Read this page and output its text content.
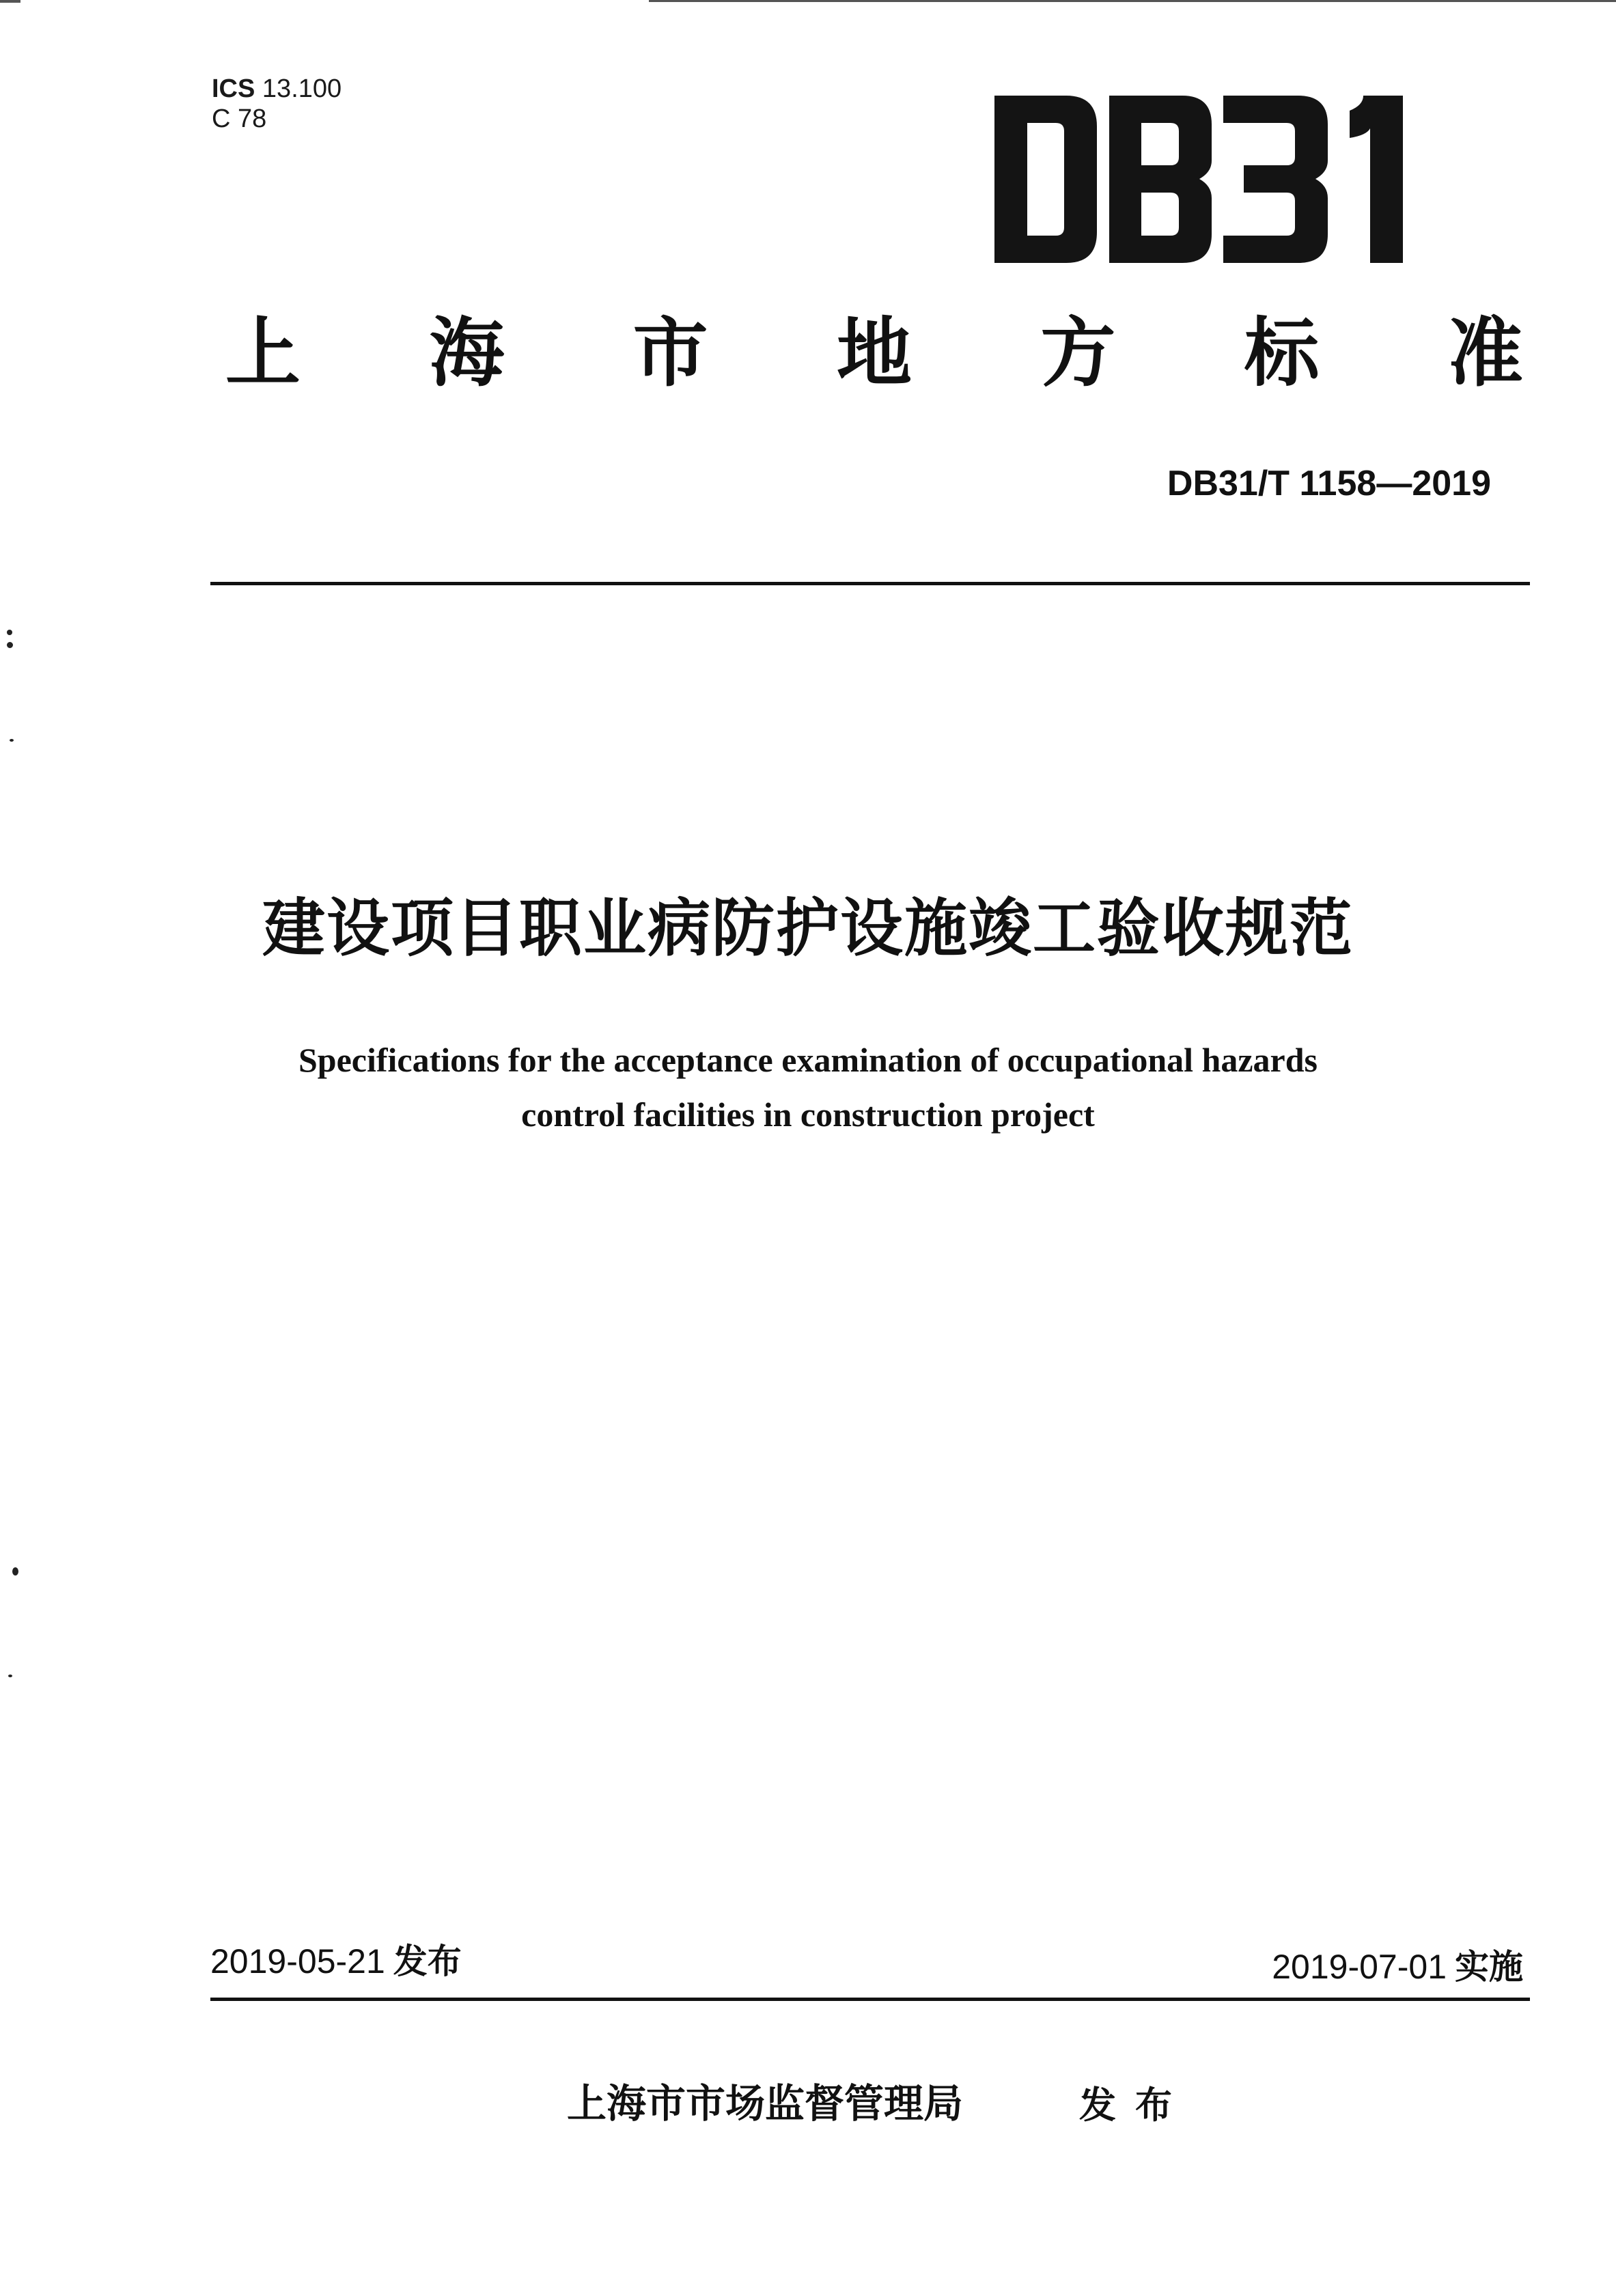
ICS 13.100
C 78
上 海 市 地 方 标 准
DB31/T 1158—2019
建设项目职业病防护设施竣工验收规范
Specifications for the acceptance examination of occupational hazards
control facilities in construction project
2019-05-21 发布	2019-07-01 实施
上海市市场监督管理局	发布
